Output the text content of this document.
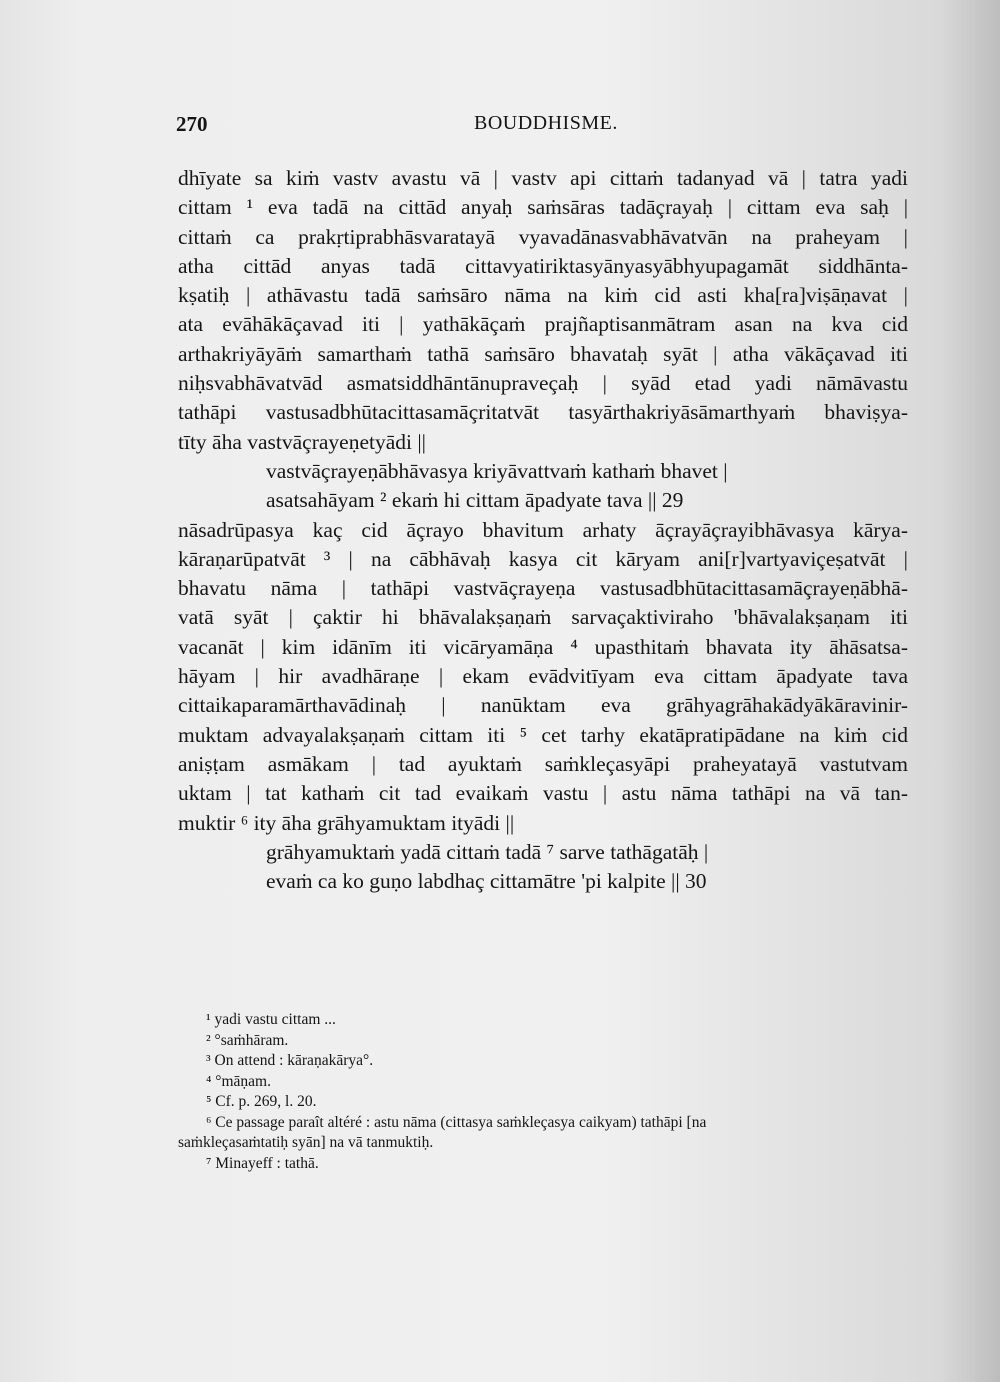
270	BOUDDHISME.
dhīyate sa kiṁ vastv avastu vā | vastv api cittaṁ tadanyad vā | tatra yadi
cittam ¹ eva tadā na cittād anyaḥ saṁsāras tadāçrayaḥ | cittam eva saḥ |
cittaṁ ca prakṛtiprabhāsvaratayā vyavadānasvabhāvatvān na praheyam |
atha cittād anyas tadā cittavyatiriktasyānyasyābhyupagamāt siddhānta-
kṣatiḥ | athāvastu tadā saṁsāro nāma na kiṁ cid asti kha[ra]viṣāṇavat |
ata evāhākāçavad iti | yathākāçaṁ prajñaptisanmātram asan na kva cid
arthakriyāyāṁ samarthaṁ tathā saṁsāro bhavataḥ syāt | atha vākāçavad iti
niḥsvabhāvatvād asmatsiddhāntānupraveçaḥ | syād etad yadi nāmāvastu
tathāpi vastusadbhūtacittasamāçritatvāt tasyārthakriyāsāmarthyaṁ bhaviṣya-
tīty āha vastvāçrayeṇetyādi ||
vastvāçrayeṇābhāvasya kriyāvattvaṁ kathaṁ bhavet |
asatsahāyam ² ekaṁ hi cittam āpadyate tava || 29
nāsadrūpasya kaç cid āçrayo bhavitum arhaty āçrayāçrayibhāvasya kārya-
kāraṇarūpatvāt ³ | na cābhāvaḥ kasya cit kāryam ani[r]vartyaviçeṣatvāt |
bhavatu nāma | tathāpi vastvāçrayeṇa vastusadbhūtacittasamāçrayeṇābhā-
vatā syāt | çaktir hi bhāvalakṣaṇaṁ sarvaçaktivirahо 'bhāvalakṣaṇam iti
vacanāt | kim idānīm iti vicāryamāṇa ⁴ upasthitaṁ bhavata ity āhāsatsa-
hāyam | hir avadhāraṇe | ekam evādvitīyam eva cittam āpadyate tava
cittaikaparamārthavādinaḥ | nanūktam eva grāhyagrāhakādyākāravinir-
muktam advayalakṣaṇaṁ cittam iti ⁵ cet tarhy ekatāpratipādane na kiṁ cid
aniṣṭam asmākam | tad ayuktaṁ saṁkleçasyāpi praheyatayā vastutvam
uktam | tat kathaṁ cit tad evaikaṁ vastu | astu nāma tathāpi na vā tan-
muktir ⁶ ity āha grāhyamuktam ityādi ||
grāhyamuktaṁ yadā cittaṁ tadā ⁷ sarve tathāgatāḥ |
evaṁ ca ko guṇo labdhaç cittamātre 'pi kalpite || 30
¹ yadi vastu cittam ...
² °saṁhāram.
³ On attend : kāraṇakārya°.
⁴ °māṇam.
⁵ Cf. p. 269, l. 20.
⁶ Ce passage paraît altéré : astu nāma (cittasya saṁkleçasya caikyam) tathāpi [na
saṁkleçasaṁtatiḥ syān] na vā tanmuktiḥ.
⁷ Minayeff : tathā.
